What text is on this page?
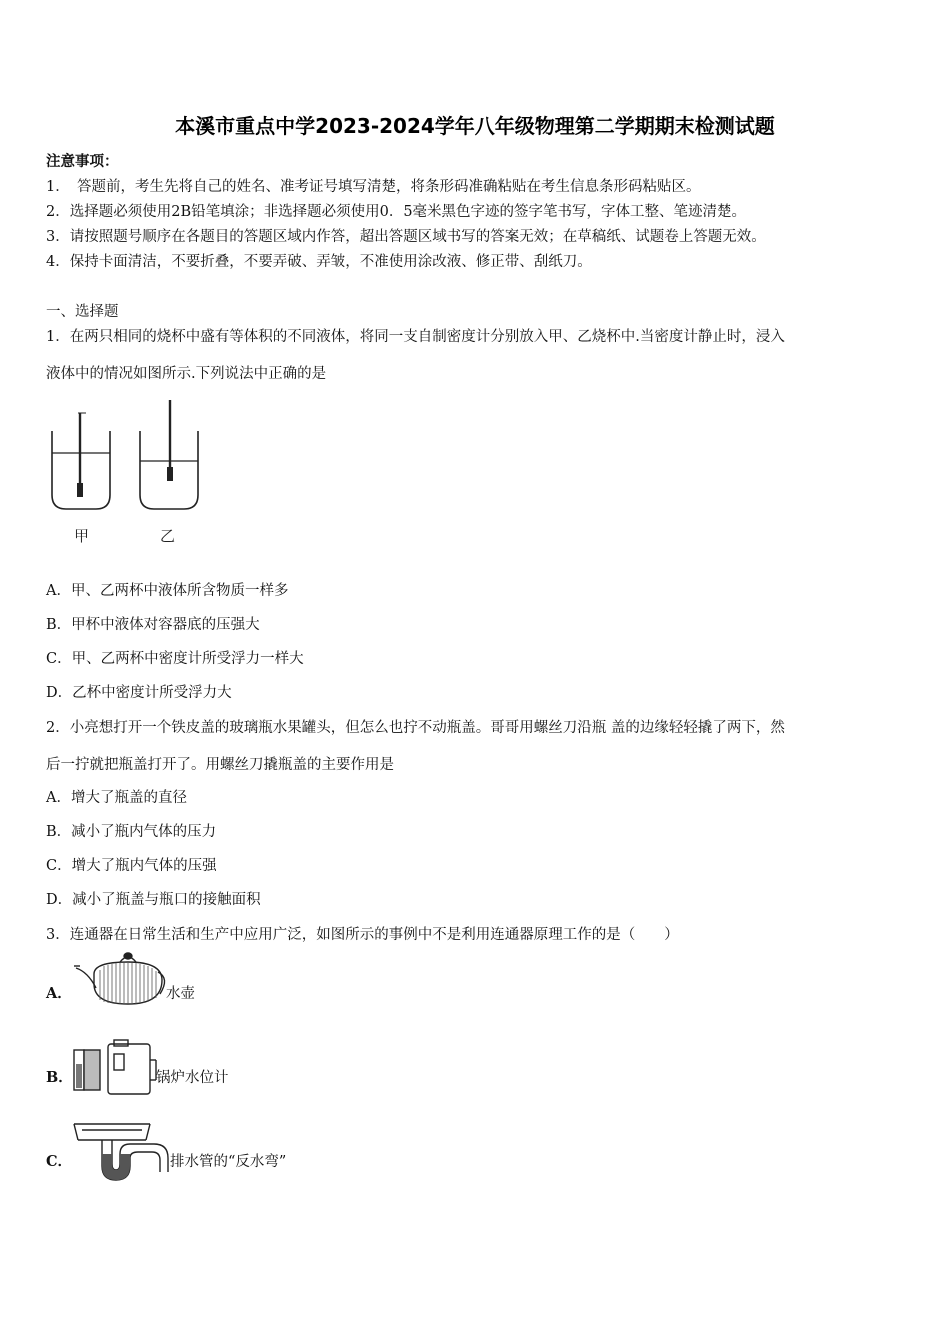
本溪市重点中学2023-2024学年八年级物理第二学期期末检测试题
注意事项：
1．　答题前，考生先将自己的姓名、准考证号填写清楚，将条形码准确粘贴在考生信息条形码粘贴区。
2．选择题必须使用2B铅笔填涂；非选择题必须使用0．5毫米黑色字迹的签字笔书写，字体工整、笔迹清楚。
3．请按照题号顺序在各题目的答题区域内作答，超出答题区域书写的答案无效；在草稿纸、试题卷上答题无效。
4．保持卡面清洁，不要折叠，不要弄破、弄皱，不准使用涂改液、修正带、刮纸刀。
一、选择题
1．在两只相同的烧杯中盛有等体积的不同液体，将同一支自制密度计分别放入甲、乙烧杯中.当密度计静止时，浸入
液体中的情况如图所示.下列说法中正确的是
甲	乙
A．甲、乙两杯中液体所含物质一样多
B．甲杯中液体对容器底的压强大
C．甲、乙两杯中密度计所受浮力一样大
D．乙杯中密度计所受浮力大
2．小亮想打开一个铁皮盖的玻璃瓶水果罐头，但怎么也拧不动瓶盖。哥哥用螺丝刀沿瓶 盖的边缘轻轻撬了两下，然
后一拧就把瓶盖打开了。用螺丝刀撬瓶盖的主要作用是
A．增大了瓶盖的直径
B．减小了瓶内气体的压力
C．增大了瓶内气体的压强
D．减小了瓶盖与瓶口的接触面积
3．连通器在日常生活和生产中应用广泛，如图所示的事例中不是利用连通器原理工作的是（　　）
A．	水壶
B．	锅炉水位计
C．	排水管的“反水弯”
